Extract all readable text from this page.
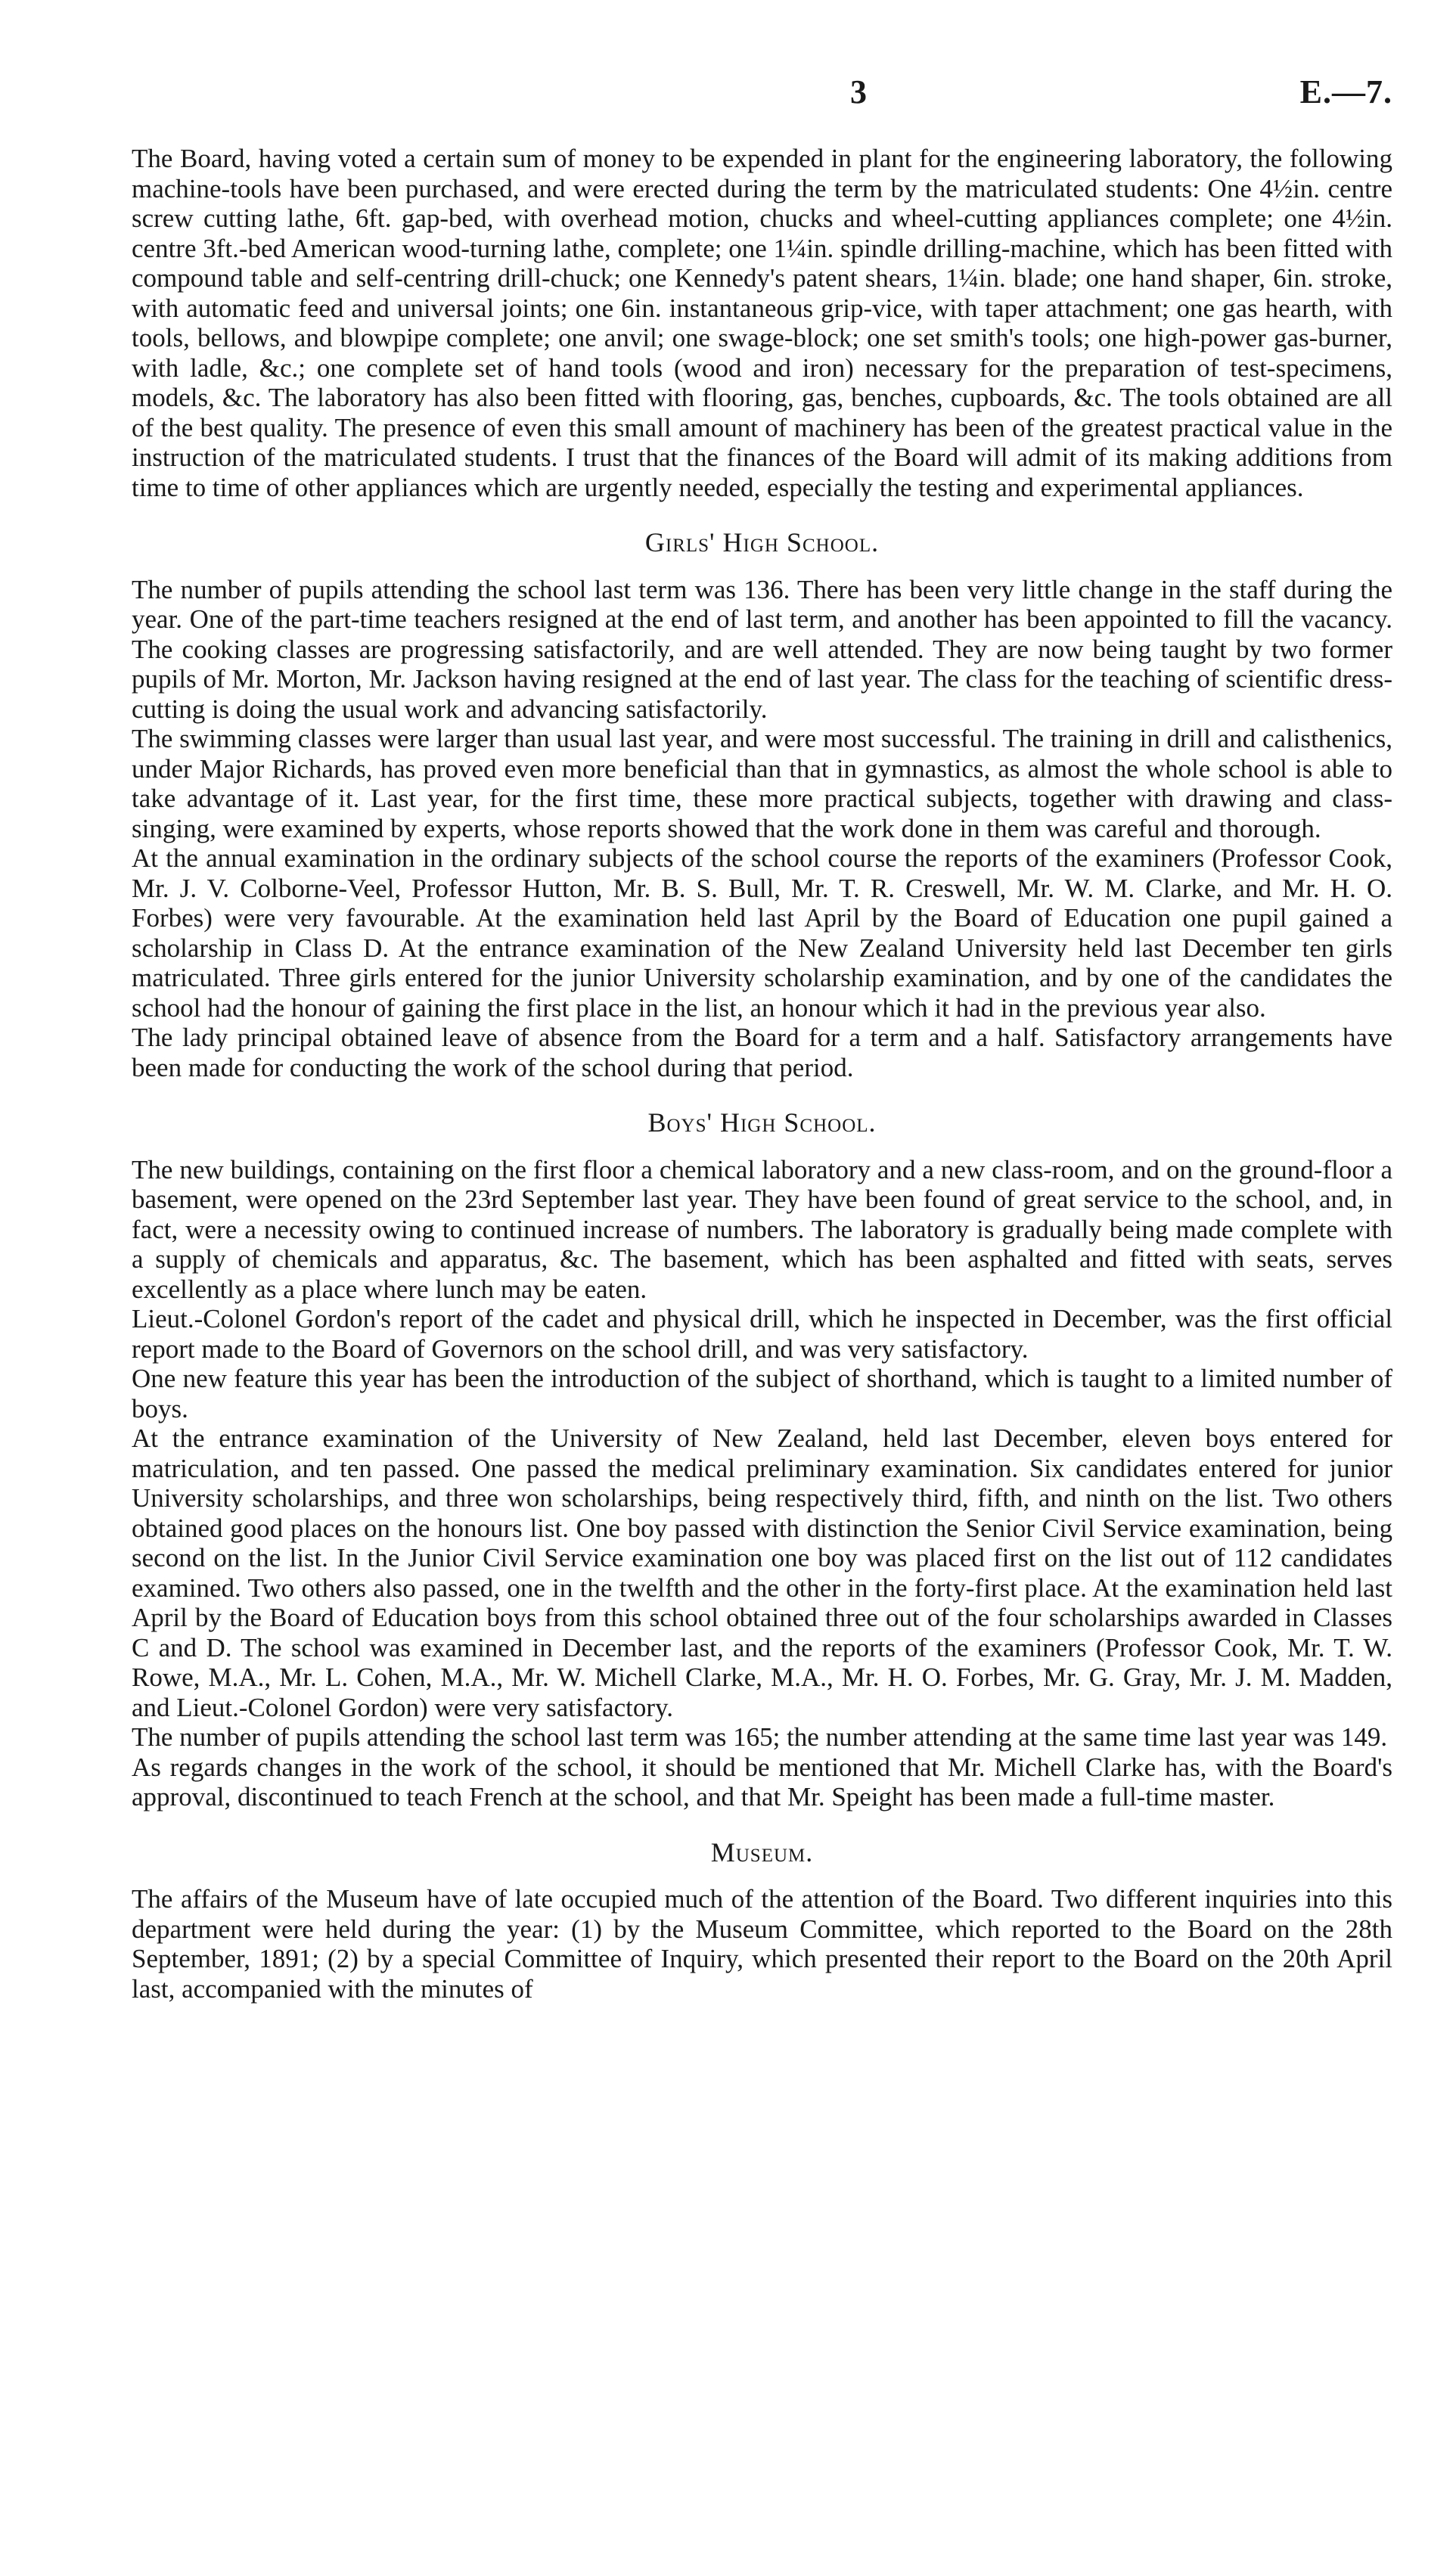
3	E.—7.

The Board, having voted a certain sum of money to be expended in plant for the engineering laboratory, the following machine-tools have been purchased, and were erected during the term by the matriculated students: One 4½in. centre screw cutting lathe, 6ft. gap-bed, with overhead motion, chucks and wheel-cutting appliances complete; one 4½in. centre 3ft.-bed American wood-turning lathe, complete; one 1¼in. spindle drilling-machine, which has been fitted with compound table and self-centring drill-chuck; one Kennedy's patent shears, 1¼in. blade; one hand shaper, 6in. stroke, with automatic feed and universal joints; one 6in. instantaneous grip-vice, with taper attachment; one gas hearth, with tools, bellows, and blowpipe complete; one anvil; one swage-block; one set smith's tools; one high-power gas-burner, with ladle, &c.; one complete set of hand tools (wood and iron) necessary for the preparation of test-specimens, models, &c. The laboratory has also been fitted with flooring, gas, benches, cupboards, &c. The tools obtained are all of the best quality. The presence of even this small amount of machinery has been of the greatest practical value in the instruction of the matriculated students. I trust that the finances of the Board will admit of its making additions from time to time of other appliances which are urgently needed, especially the testing and experimental appliances.

Girls' High School.

The number of pupils attending the school last term was 136. There has been very little change in the staff during the year. One of the part-time teachers resigned at the end of last term, and another has been appointed to fill the vacancy. The cooking classes are progressing satisfactorily, and are well attended. They are now being taught by two former pupils of Mr. Morton, Mr. Jackson having resigned at the end of last year. The class for the teaching of scientific dress-cutting is doing the usual work and advancing satisfactorily.

The swimming classes were larger than usual last year, and were most successful. The training in drill and calisthenics, under Major Richards, has proved even more beneficial than that in gymnastics, as almost the whole school is able to take advantage of it. Last year, for the first time, these more practical subjects, together with drawing and class-singing, were examined by experts, whose reports showed that the work done in them was careful and thorough.

At the annual examination in the ordinary subjects of the school course the reports of the examiners (Professor Cook, Mr. J. V. Colborne-Veel, Professor Hutton, Mr. B. S. Bull, Mr. T. R. Creswell, Mr. W. M. Clarke, and Mr. H. O. Forbes) were very favourable. At the examination held last April by the Board of Education one pupil gained a scholarship in Class D. At the entrance examination of the New Zealand University held last December ten girls matriculated. Three girls entered for the junior University scholarship examination, and by one of the candidates the school had the honour of gaining the first place in the list, an honour which it had in the previous year also.

The lady principal obtained leave of absence from the Board for a term and a half. Satisfactory arrangements have been made for conducting the work of the school during that period.

Boys' High School.

The new buildings, containing on the first floor a chemical laboratory and a new class-room, and on the ground-floor a basement, were opened on the 23rd September last year. They have been found of great service to the school, and, in fact, were a necessity owing to continued increase of numbers. The laboratory is gradually being made complete with a supply of chemicals and apparatus, &c. The basement, which has been asphalted and fitted with seats, serves excellently as a place where lunch may be eaten.

Lieut.-Colonel Gordon's report of the cadet and physical drill, which he inspected in December, was the first official report made to the Board of Governors on the school drill, and was very satisfactory.

One new feature this year has been the introduction of the subject of shorthand, which is taught to a limited number of boys.

At the entrance examination of the University of New Zealand, held last December, eleven boys entered for matriculation, and ten passed. One passed the medical preliminary examination. Six candidates entered for junior University scholarships, and three won scholarships, being respectively third, fifth, and ninth on the list. Two others obtained good places on the honours list. One boy passed with distinction the Senior Civil Service examination, being second on the list. In the Junior Civil Service examination one boy was placed first on the list out of 112 candidates examined. Two others also passed, one in the twelfth and the other in the forty-first place. At the examination held last April by the Board of Education boys from this school obtained three out of the four scholarships awarded in Classes C and D. The school was examined in December last, and the reports of the examiners (Professor Cook, Mr. T. W. Rowe, M.A., Mr. L. Cohen, M.A., Mr. W. Michell Clarke, M.A., Mr. H. O. Forbes, Mr. G. Gray, Mr. J. M. Madden, and Lieut.-Colonel Gordon) were very satisfactory.

The number of pupils attending the school last term was 165; the number attending at the same time last year was 149.

As regards changes in the work of the school, it should be mentioned that Mr. Michell Clarke has, with the Board's approval, discontinued to teach French at the school, and that Mr. Speight has been made a full-time master.

Museum.

The affairs of the Museum have of late occupied much of the attention of the Board. Two different inquiries into this department were held during the year: (1) by the Museum Committee, which reported to the Board on the 28th September, 1891; (2) by a special Committee of Inquiry, which presented their report to the Board on the 20th April last, accompanied with the minutes of
